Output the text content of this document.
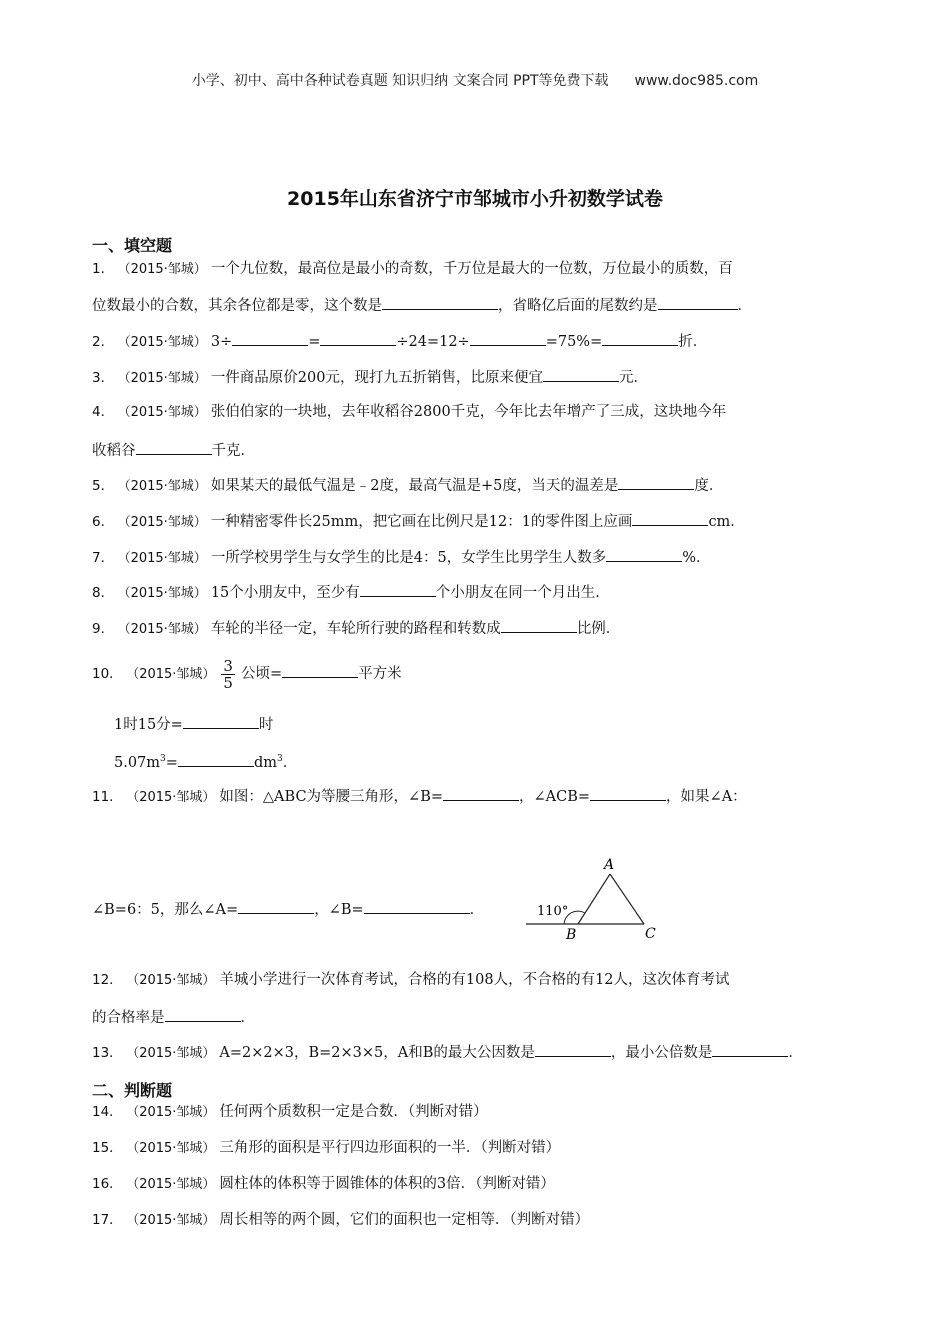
小学、初中、高中各种试卷真题 知识归纳 文案合同 PPT等免费下载 www.doc985.com
2015年山东省济宁市邹城市小升初数学试卷
一、填空题
1． （2015·邹城） 一个九位数，最高位是最小的奇数，千万位是最大的一位数，万位最小的质数，百
位数最小的合数，其余各位都是零，这个数是	，省略亿后面的尾数约是	．
2． （2015·邹城） 3÷	=	÷24=12÷	=75%=	折．
3． （2015·邹城） 一件商品原价200元，现打九五折销售，比原来便宜	元．
4． （2015·邹城） 张伯伯家的一块地，去年收稻谷2800千克，今年比去年增产了三成，这块地今年
收稻谷	千克．
5． （2015·邹城） 如果某天的最低气温是﹣2度，最高气温是+5度，当天的温差是	度．
6． （2015·邹城） 一种精密零件长25mm，把它画在比例尺是12：1的零件图上应画	cm．
7． （2015·邹城） 一所学校男学生与女学生的比是4：5，女学生比男学生人数多	%．
8． （2015·邹城） 15个小朋友中，至少有	个小朋友在同一个月出生．
9． （2015·邹城） 车轮的半径一定，车轮所行驶的路程和转数成	比例．
10． （2015·邹城） $\frac{3}{5}$ 公顷=	平方米
1时15分=	时
$5.07m^3=$	$dm^3$．
11． （2015·邹城） 如图：△ABC为等腰三角形，∠B=	，∠ACB=	，如果∠A：
∠B=6：5，那么∠A=	，∠B=	．	110°
A
B	C
12． （2015·邹城） 羊城小学进行一次体育考试，合格的有108人，不合格的有12人，这次体育考试
的合格率是	．
13． （2015·邹城） A=2×2×3，B=2×3×5，A和B的最大公因数是	，最小公倍数是	．
二、判断题
14． （2015·邹城） 任何两个质数积一定是合数．（判断对错）
15． （2015·邹城） 三角形的面积是平行四边形面积的一半．（判断对错）
16． （2015·邹城） 圆柱体的体积等于圆锥体的体积的3倍．（判断对错）
17． （2015·邹城） 周长相等的两个圆，它们的面积也一定相等．（判断对错）
